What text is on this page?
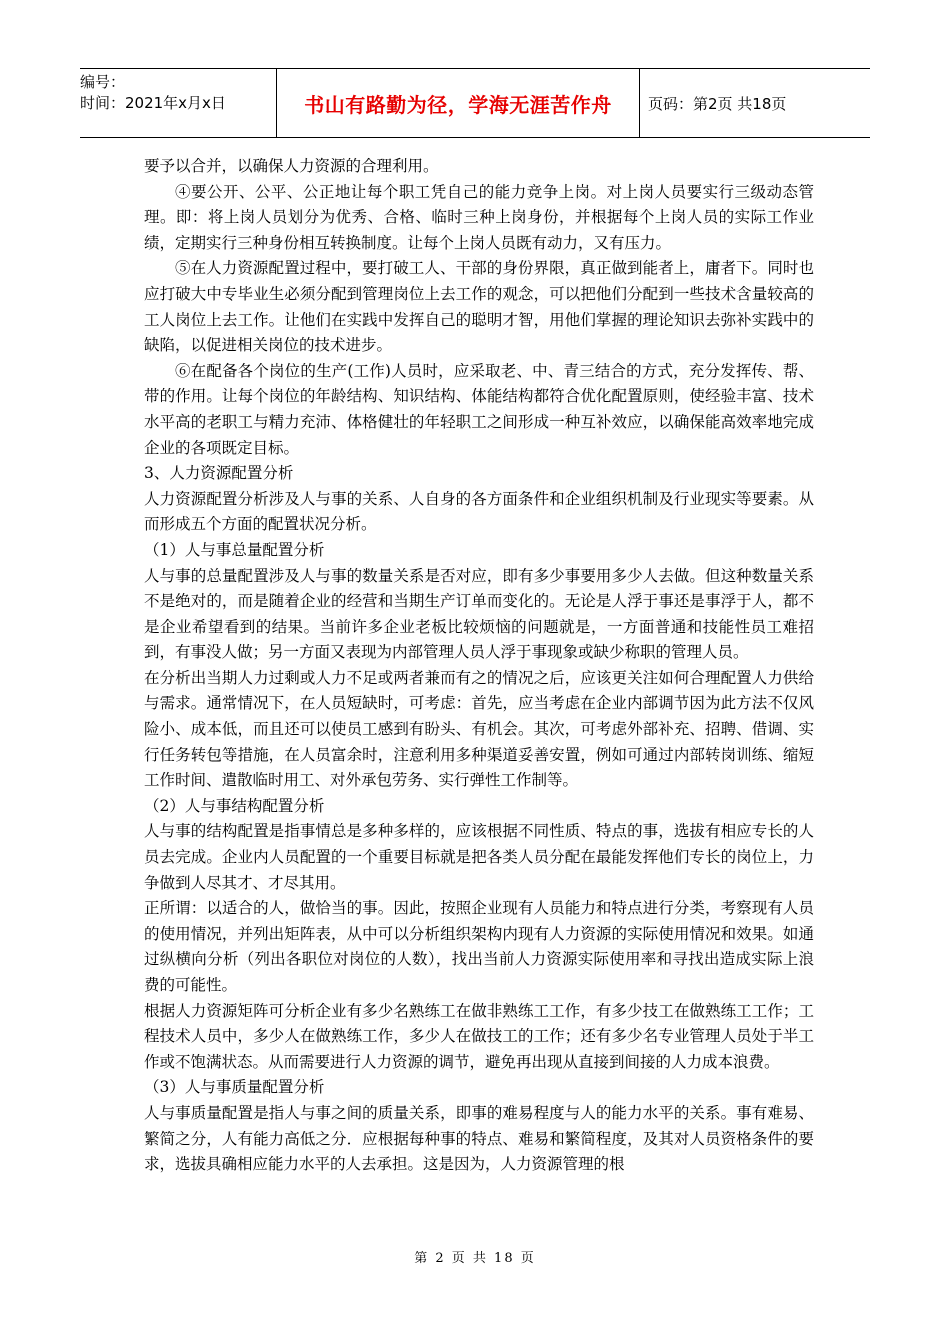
编号：
时间：2021年x月x日	书山有路勤为径，学海无涯苦作舟	页码：第2页 共18页

要予以合并，以确保人力资源的合理利用。

④要公开、公平、公正地让每个职工凭自己的能力竞争上岗。对上岗人员要实行三级动态管理。即：将上岗人员划分为优秀、合格、临时三种上岗身份，并根据每个上岗人员的实际工作业绩，定期实行三种身份相互转换制度。让每个上岗人员既有动力，又有压力。

⑤在人力资源配置过程中，要打破工人、干部的身份界限，真正做到能者上，庸者下。同时也应打破大中专毕业生必须分配到管理岗位上去工作的观念，可以把他们分配到一些技术含量较高的工人岗位上去工作。让他们在实践中发挥自己的聪明才智，用他们掌握的理论知识去弥补实践中的缺陷，以促进相关岗位的技术进步。

⑥在配备各个岗位的生产(工作)人员时，应采取老、中、青三结合的方式，充分发挥传、帮、带的作用。让每个岗位的年龄结构、知识结构、体能结构都符合优化配置原则，使经验丰富、技术水平高的老职工与精力充沛、体格健壮的年轻职工之间形成一种互补效应，以确保能高效率地完成企业的各项既定目标。

3、人力资源配置分析

人力资源配置分析涉及人与事的关系、人自身的各方面条件和企业组织机制及行业现实等要素。从而形成五个方面的配置状况分析。

（1）人与事总量配置分析

人与事的总量配置涉及人与事的数量关系是否对应，即有多少事要用多少人去做。但这种数量关系不是绝对的，而是随着企业的经营和当期生产订单而变化的。无论是人浮于事还是事浮于人，都不是企业希望看到的结果。当前许多企业老板比较烦恼的问题就是，一方面普通和技能性员工难招到，有事没人做；另一方面又表现为内部管理人员人浮于事现象或缺少称职的管理人员。

在分析出当期人力过剩或人力不足或两者兼而有之的情况之后，应该更关注如何合理配置人力供给与需求。通常情况下，在人员短缺时，可考虑：首先，应当考虑在企业内部调节因为此方法不仅风险小、成本低，而且还可以使员工感到有盼头、有机会。其次，可考虑外部补充、招聘、借调、实行任务转包等措施，在人员富余时，注意利用多种渠道妥善安置，例如可通过内部转岗训练、缩短工作时间、遣散临时用工、对外承包劳务、实行弹性工作制等。

（2）人与事结构配置分析

人与事的结构配置是指事情总是多种多样的，应该根据不同性质、特点的事，选拔有相应专长的人员去完成。企业内人员配置的一个重要目标就是把各类人员分配在最能发挥他们专长的岗位上，力争做到人尽其才、才尽其用。

正所谓：以适合的人，做恰当的事。因此，按照企业现有人员能力和特点进行分类，考察现有人员的使用情况，并列出矩阵表，从中可以分析组织架构内现有人力资源的实际使用情况和效果。如通过纵横向分析（列出各职位对岗位的人数），找出当前人力资源实际使用率和寻找出造成实际上浪费的可能性。

根据人力资源矩阵可分析企业有多少名熟练工在做非熟练工工作，有多少技工在做熟练工工作；工程技术人员中，多少人在做熟练工作，多少人在做技工的工作；还有多少名专业管理人员处于半工作或不饱满状态。从而需要进行人力资源的调节，避免再出现从直接到间接的人力成本浪费。

（3）人与事质量配置分析

人与事质量配置是指人与事之间的质量关系，即事的难易程度与人的能力水平的关系。事有难易、繁简之分，人有能力高低之分．应根据每种事的特点、难易和繁简程度，及其对人员资格条件的要求，选拔具确相应能力水平的人去承担。这是因为，人力资源管理的根

第 2 页 共 18 页
